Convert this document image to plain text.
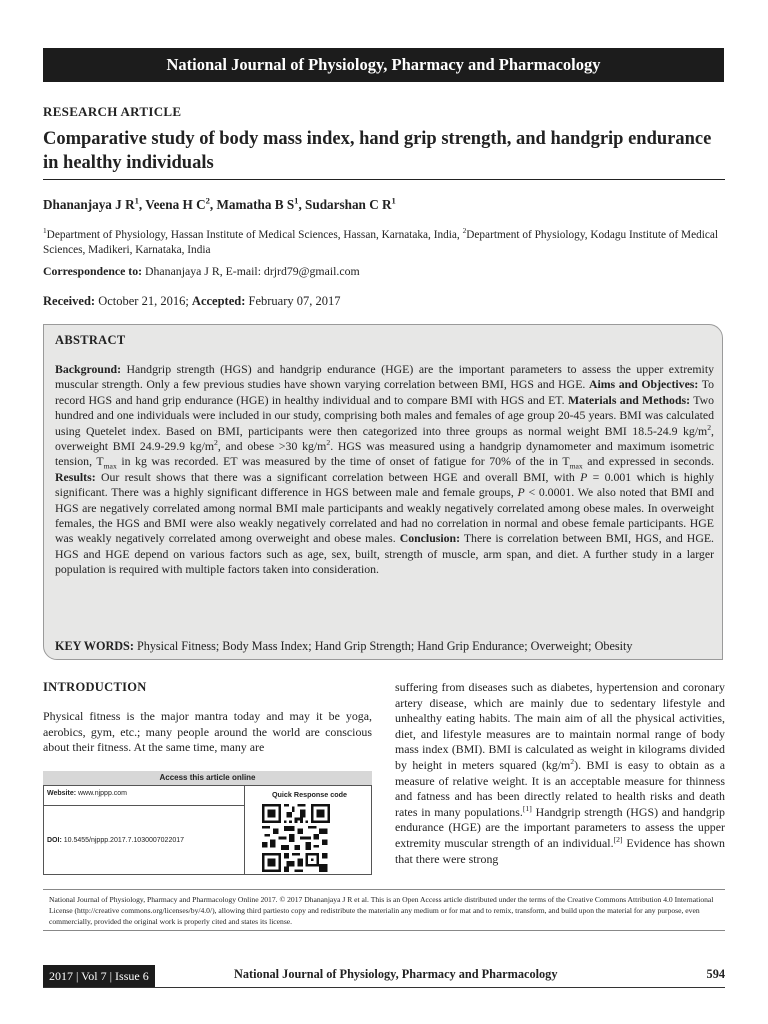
National Journal of Physiology, Pharmacy and Pharmacology
RESEARCH ARTICLE
Comparative study of body mass index, hand grip strength, and handgrip endurance in healthy individuals
Dhananjaya J $R^1$, Veena H $C^2$, Mamatha B $S^1$, Sudarshan C $R^1$
$^1$Department of Physiology, Hassan Institute of Medical Sciences, Hassan, Karnataka, India, $^2$Department of Physiology, Kodagu Institute of Medical Sciences, Madikeri, Karnataka, India
Correspondence to: Dhananjaya J R, E-mail: drjrd79@gmail.com
Received: October 21, 2016; Accepted: February 07, 2017
ABSTRACT
Background: Handgrip strength (HGS) and handgrip endurance (HGE) are the important parameters to assess the upper extremity muscular strength. Only a few previous studies have shown varying correlation between BMI, HGS and HGE. Aims and Objectives: To record HGS and hand grip endurance (HGE) in healthy individual and to compare BMI with HGS and ET. Materials and Methods: Two hundred and one individuals were included in our study, comprising both males and females of age group 20-45 years. BMI was calculated using Quetelet index. Based on BMI, participants were then categorized into three groups as normal weight BMI 18.5-24.9 $kg/m^2$, overweight BMI 24.9-29.9 $kg/m^2$, and obese >30 $kg/m^2$. HGS was measured using a handgrip dynamometer and maximum isometric tension, $T_{max}$ in kg was recorded. ET was measured by the time of onset of fatigue for 70% of the in $T_{max}$ and expressed in seconds. Results: Our result shows that there was a significant correlation between HGE and overall BMI, with P = 0.001 which is highly significant. There was a highly significant difference in HGS between male and female groups, P < 0.0001. We also noted that BMI and HGS are negatively correlated among normal BMI male participants and weakly negatively correlated among obese males. In overweight females, the HGS and BMI were also weakly negatively correlated and had no correlation in normal and obese female participants. HGE was weakly negatively correlated among overweight and obese males. Conclusion: There is correlation between BMI, HGS, and HGE. HGS and HGE depend on various factors such as age, sex, built, strength of muscle, arm span, and diet. A further study in a larger population is required with multiple factors taken into consideration.
KEY WORDS: Physical Fitness; Body Mass Index; Hand Grip Strength; Hand Grip Endurance; Overweight; Obesity
INTRODUCTION
Physical fitness is the major mantra today and may it be yoga, aerobics, gym, etc.; many people around the world are conscious about their fitness. At the same time, many are
suffering from diseases such as diabetes, hypertension and coronary artery disease, which are mainly due to sedentary lifestyle and unhealthy eating habits. The main aim of all the physical activities, diet, and lifestyle measures are to maintain normal range of body mass index (BMI). BMI is calculated as weight in kilograms divided by height in meters squared $(kg/m^2)$. BMI is easy to obtain as a measure of relative weight. It is an acceptable measure for thinness and fatness and has been directly related to health risks and death rates in many populations.[1] Handgrip strength (HGS) and handgrip endurance (HGE) are the important parameters to assess the upper extremity muscular strength of an individual.[2] Evidence has shown that there were strong
Access this article online
Website: www.njppp.com
DOI: 10.5455/njppp.2017.7.1030007022017
Quick Response code
National Journal of Physiology, Pharmacy and Pharmacology Online 2017. © 2017 Dhananjaya J R et al. This is an Open Access article distributed under the terms of the Creative Commons Attribution 4.0 International License (http://creative commons.org/licenses/by/4.0/), allowing third partiesto copy and redistribute the materialin any medium or for mat and to remix, transform, and build upon the material for any purpose, even commercially, provided the original work is properly cited and states its license.
2017 | Vol 7 | Issue 6	National Journal of Physiology, Pharmacy and Pharmacology	594
